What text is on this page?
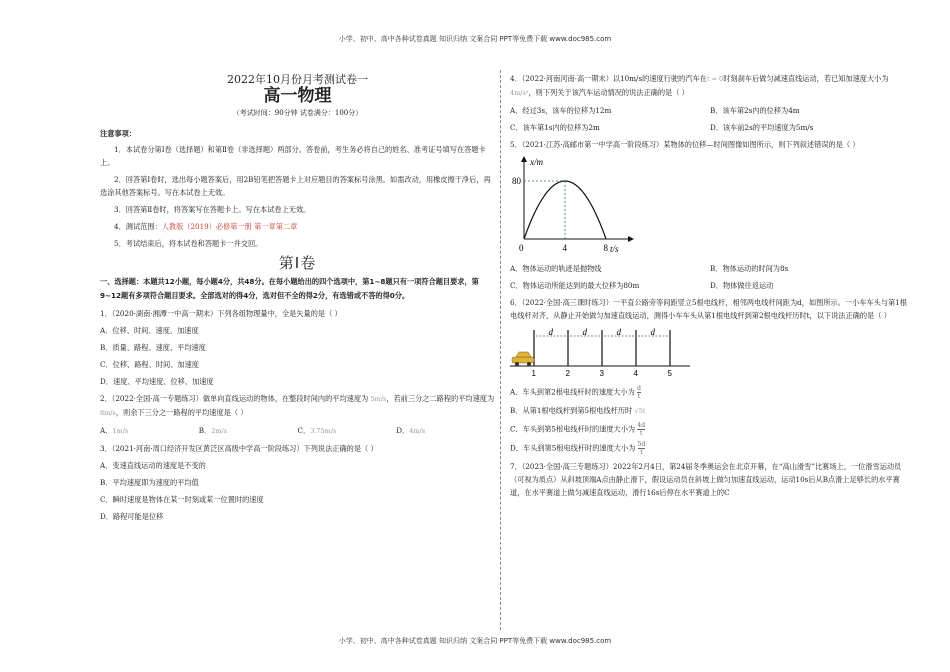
小学、初中、高中各种试卷真题 知识归纳 文案合同 PPT等免费下载 www.doc985.com
2022年10月份月考测试卷一
高一物理
（考试时间：90分钟 试卷满分：100分）
注意事项：
1．本试卷分第Ⅰ卷（选择题）和第Ⅱ卷（非选择题）两部分。答卷前，考生务必将自己的姓名、准考证号填写在答题卡上。
2．回答第Ⅰ卷时，选出每小题答案后，用2B铅笔把答题卡上对应题目的答案标号涂黑。如需改动，用橡皮擦干净后，再选涂其他答案标号。写在本试卷上无效。
3．回答第Ⅱ卷时，将答案写在答题卡上。写在本试卷上无效。
4．测试范围：人教版（2019）必修第一册 第一章第二章
5．考试结束后，将本试卷和答题卡一并交回。
第Ⅰ卷
一、选择题：本题共12小题，每小题4分，共48分。在每小题给出的四个选项中，第1~8题只有一项符合题目要求，第9~12题有多项符合题目要求。全部选对的得4分，选对但不全的得2分，有选错或不答的得0分。
1．（2020·湖南·湘潭一中高一期末）下列各组物理量中，全是矢量的是（ ）
A．位移、时间、速度、加速度
B．质量、路程、速度、平均速度
C．位移、路程、时间、加速度
D．速度、平均速度、位移、加速度
2．（2022·全国·高一专题练习）做单向直线运动的物体，在整段时间内的平均速度为 5m/s，若前三分之二路程的平均速度为 8m/s，则余下三分之一路程的平均速度是（ ）
A．1m/s	B．2m/s	C．3.75m/s	D．4m/s
3．（2021·河南·周口经济开发区黄泛区高级中学高一阶段练习）下列说法正确的是（ ）
A．变速直线运动的速度是不变的
B．平均速度即为速度的平均值
C．瞬时速度是物体在某一时刻或某一位置时的速度
D．路程可能是位移
4．（2022·河南河南·高一期末）以10m/s的速度行驶的汽车在t = 0时刻刹车后做匀减速直线运动，若已知加速度大小为4m/s²，则下列关于该汽车运动情况的说法正确的是（ ）
A．经过3s，该车的位移为12m	B．该车第2s内的位移为4m
C．该车第1s内的位移为2m	D．该车前2s的平均速度为5m/s
5．（2021·江苏·高邮市第一中学高一阶段练习）某物体的位移—时间图像如图所示，则下列叙述错误的是（ ）
x/m
t/s
0
80
4	8
A．物体运动的轨迹是抛物线	B．物体运动的时间为8s
C．物体运动所能达到的最大位移为80m	D．物体做往返运动
6．（2022·全国·高三课时练习）一平直公路旁等间距竖立5根电线杆，相邻两电线杆间距为d，如图所示。一小车车头与第1根电线杆对齐，从静止开始做匀加速直线运动，测得小车车头从第1根电线杆到第2根电线杆历时t，以下说法正确的是（ ）
1
d
2
d
3
d
4
d
5
A．车头到第2根电线杆时的速度大小为 $\frac{d}{t}$
B．从第1根电线杆到第5根电线杆历时 √5t
C．车头到第5根电线杆时的速度大小为 $\frac{4d}{t}$
D．车头到第5根电线杆时的速度大小为 $\frac{5d}{t}$
7．（2023·全国·高三专题练习）2022年2月4日，第24届冬季奥运会在北京开幕，在“高山滑雪”比赛场上，一位滑雪运动员（可视为质点）从斜坡顶端A点由静止滑下，假设运动员在斜坡上做匀加速直线运动，运动10s后从B点滑上足够长的水平赛道，在水平赛道上做匀减速直线运动，滑行16s后停在水平赛道上的C
小学、初中、高中各种试卷真题 知识归纳 文案合同 PPT等免费下载 www.doc985.com
